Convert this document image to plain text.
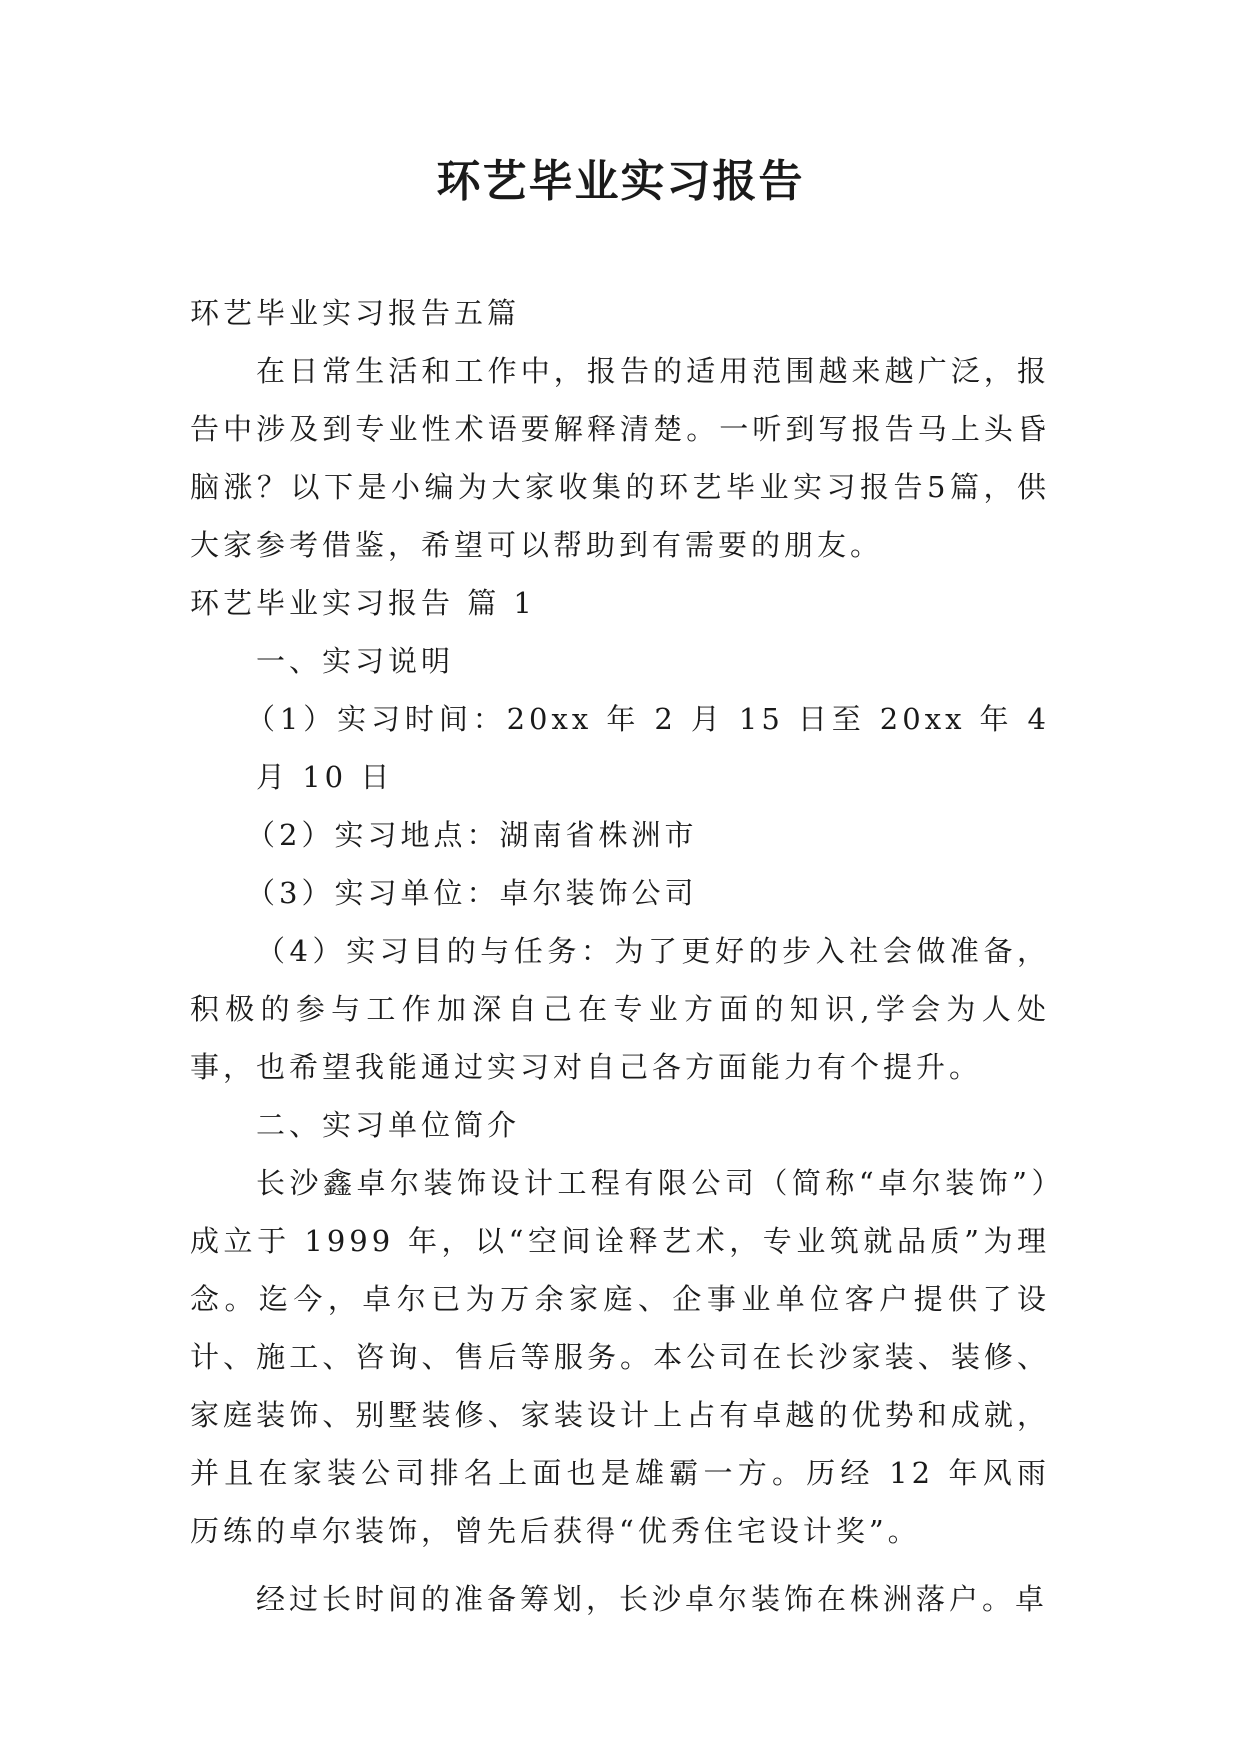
环艺毕业实习报告

环艺毕业实习报告五篇

在日常生活和工作中，报告的适用范围越来越广泛，报告中涉及到专业性术语要解释清楚。一听到写报告马上头昏脑涨？以下是小编为大家收集的环艺毕业实习报告5篇，供大家参考借鉴，希望可以帮助到有需要的朋友。

环艺毕业实习报告 篇 1

一、实习说明

（1）实习时间：20xx 年 2 月 15 日至 20xx 年 4 月 10 日

（2）实习地点：湖南省株洲市

（3）实习单位：卓尔装饰公司

（4）实习目的与任务：为了更好的步入社会做准备，积极的参与工作加深自己在专业方面的知识,学会为人处事，也希望我能通过实习对自己各方面能力有个提升。

二、实习单位简介

长沙鑫卓尔装饰设计工程有限公司（简称“卓尔装饰”）成立于 1999 年，以“空间诠释艺术，专业筑就品质”为理念。迄今，卓尔已为万余家庭、企事业单位客户提供了设计、施工、咨询、售后等服务。本公司在长沙家装、装修、家庭装饰、别墅装修、家装设计上占有卓越的优势和成就，并且在家装公司排名上面也是雄霸一方。历经 12 年风雨历练的卓尔装饰，曾先后获得“优秀住宅设计奖”。

经过长时间的准备筹划，长沙卓尔装饰在株洲落户。卓
